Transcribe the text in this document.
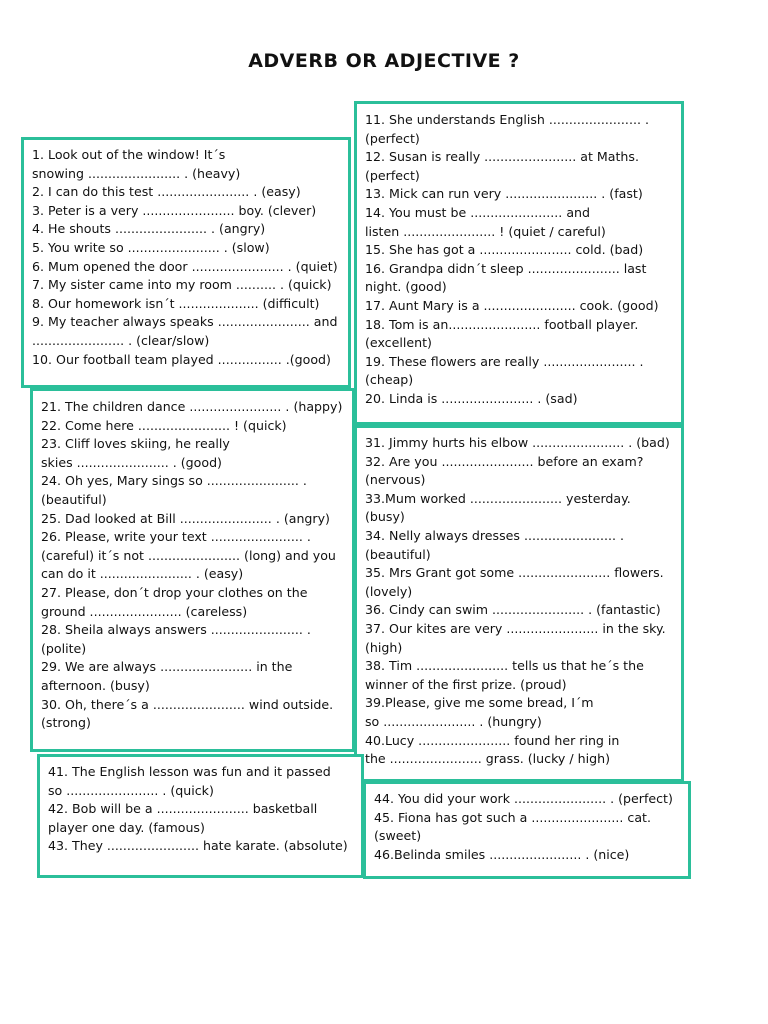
ADVERB OR ADJECTIVE ?
1. Look out of the window! It´s
snowing ....................... . (heavy)
2. I can do this test ....................... . (easy)
3. Peter is a very ....................... boy. (clever)
4. He shouts ....................... . (angry)
5. You write so ....................... . (slow)
6. Mum opened the door ....................... . (quiet)
7. My sister came into my room .......... . (quick)
8. Our homework isn´t .................... (difficult)
9. My teacher always speaks ....................... and
....................... . (clear/slow)
10. Our football team played ................ .(good)
11. She understands English ....................... .
(perfect)
12. Susan is really ....................... at Maths.
(perfect)
13. Mick can run very ....................... . (fast)
14. You must be ....................... and
listen ....................... ! (quiet / careful)
15. She has got a ....................... cold. (bad)
16. Grandpa didn´t sleep ....................... last
night. (good)
17. Aunt Mary is a ....................... cook. (good)
18. Tom is an....................... football player.
(excellent)
19. These flowers are really ....................... .
(cheap)
20. Linda is ....................... . (sad)
21. The children dance ....................... . (happy)
22. Come here ....................... ! (quick)
23. Cliff loves skiing, he really
skies ....................... . (good)
24. Oh yes, Mary sings so ....................... .
(beautiful)
25. Dad looked at Bill ....................... . (angry)
26. Please, write your text ....................... .
(careful) it´s not ....................... (long) and you
can do it ....................... . (easy)
27. Please, don´t drop your clothes on the
ground ....................... (careless)
28. Sheila always answers ....................... .
(polite)
29. We are always ....................... in the
afternoon. (busy)
30. Oh, there´s a ....................... wind outside.
(strong)
31. Jimmy hurts his elbow ....................... . (bad)
32. Are you ....................... before an exam?
(nervous)
33.Mum worked ....................... yesterday.
(busy)
34. Nelly always dresses ....................... .
(beautiful)
35. Mrs Grant got some ....................... flowers.
(lovely)
36. Cindy can swim ....................... . (fantastic)
37. Our kites are very ....................... in the sky.
(high)
38. Tim ....................... tells us that he´s the
winner of the first prize. (proud)
39.Please, give me some bread, I´m
so ....................... . (hungry)
40.Lucy ....................... found her ring in
the ....................... grass. (lucky / high)
41. The English lesson was fun and it passed
so ....................... . (quick)
42. Bob will be a ....................... basketball
player one day. (famous)
43. They ....................... hate karate. (absolute)
44. You did your work ....................... . (perfect)
45. Fiona has got such a ....................... cat.
(sweet)
46.Belinda smiles ....................... . (nice)
